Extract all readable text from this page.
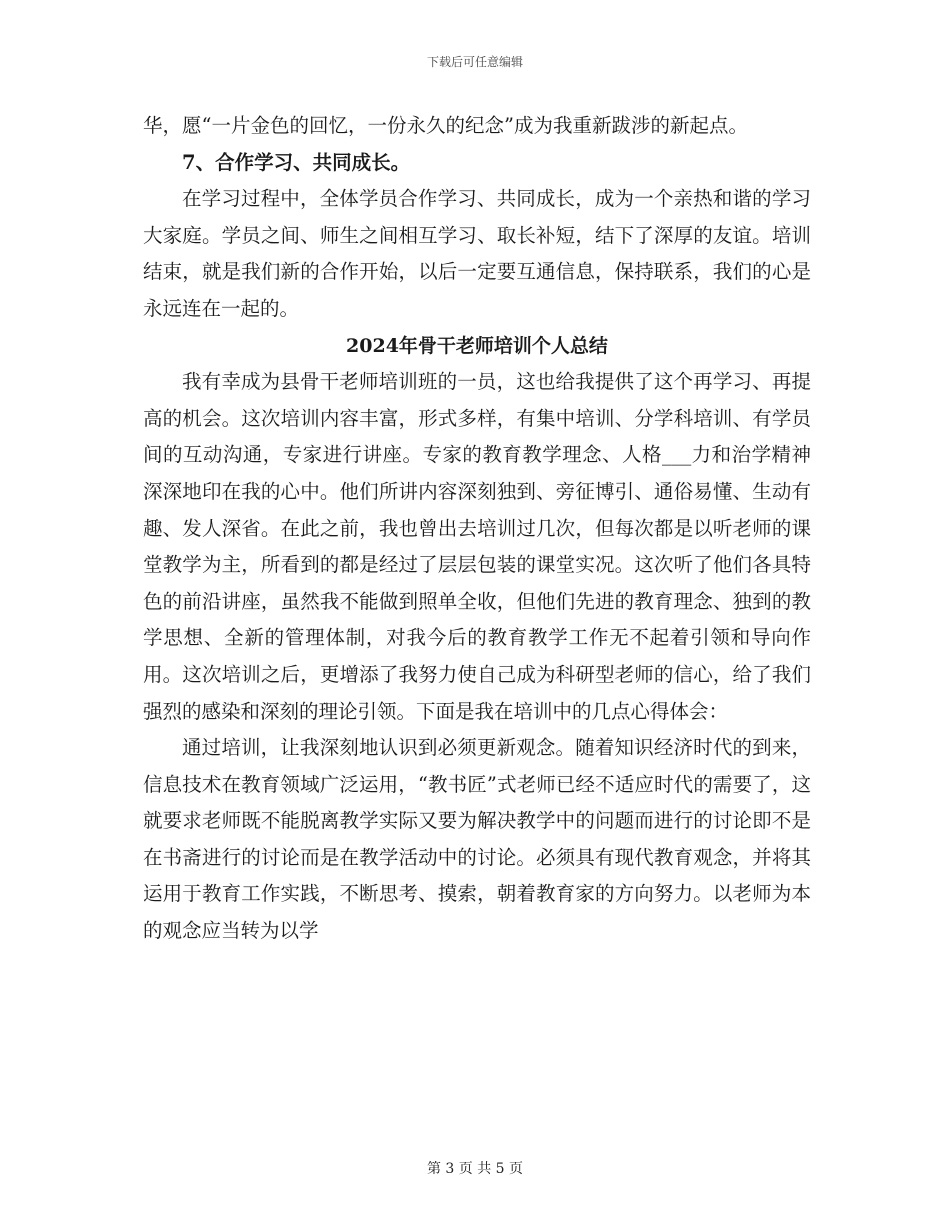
下载后可任意编辑

华，愿“一片金色的回忆，一份永久的纪念”成为我重新跋涉的新起点。

7、合作学习、共同成长。

在学习过程中，全体学员合作学习、共同成长，成为一个亲热和谐的学习大家庭。学员之间、师生之间相互学习、取长补短，结下了深厚的友谊。培训结束，就是我们新的合作开始，以后一定要互通信息，保持联系，我们的心是永远连在一起的。

2024年骨干老师培训个人总结

我有幸成为县骨干老师培训班的一员，这也给我提供了这个再学习、再提高的机会。这次培训内容丰富，形式多样，有集中培训、分学科培训、有学员间的互动沟通，专家进行讲座。专家的教育教学理念、人格___力和治学精神深深地印在我的心中。他们所讲内容深刻独到、旁征博引、通俗易懂、生动有趣、发人深省。在此之前，我也曾出去培训过几次，但每次都是以听老师的课堂教学为主，所看到的都是经过了层层包装的课堂实况。这次听了他们各具特色的前沿讲座，虽然我不能做到照单全收，但他们先进的教育理念、独到的教学思想、全新的管理体制，对我今后的教育教学工作无不起着引领和导向作用。这次培训之后，更增添了我努力使自己成为科研型老师的信心，给了我们强烈的感染和深刻的理论引领。下面是我在培训中的几点心得体会：

通过培训，让我深刻地认识到必须更新观念。随着知识经济时代的到来，信息技术在教育领域广泛运用，“教书匠”式老师已经不适应时代的需要了，这就要求老师既不能脱离教学实际又要为解决教学中的问题而进行的讨论即不是在书斋进行的讨论而是在教学活动中的讨论。必须具有现代教育观念，并将其运用于教育工作实践，不断思考、摸索，朝着教育家的方向努力。以老师为本的观念应当转为以学

第 3 页 共 5 页
